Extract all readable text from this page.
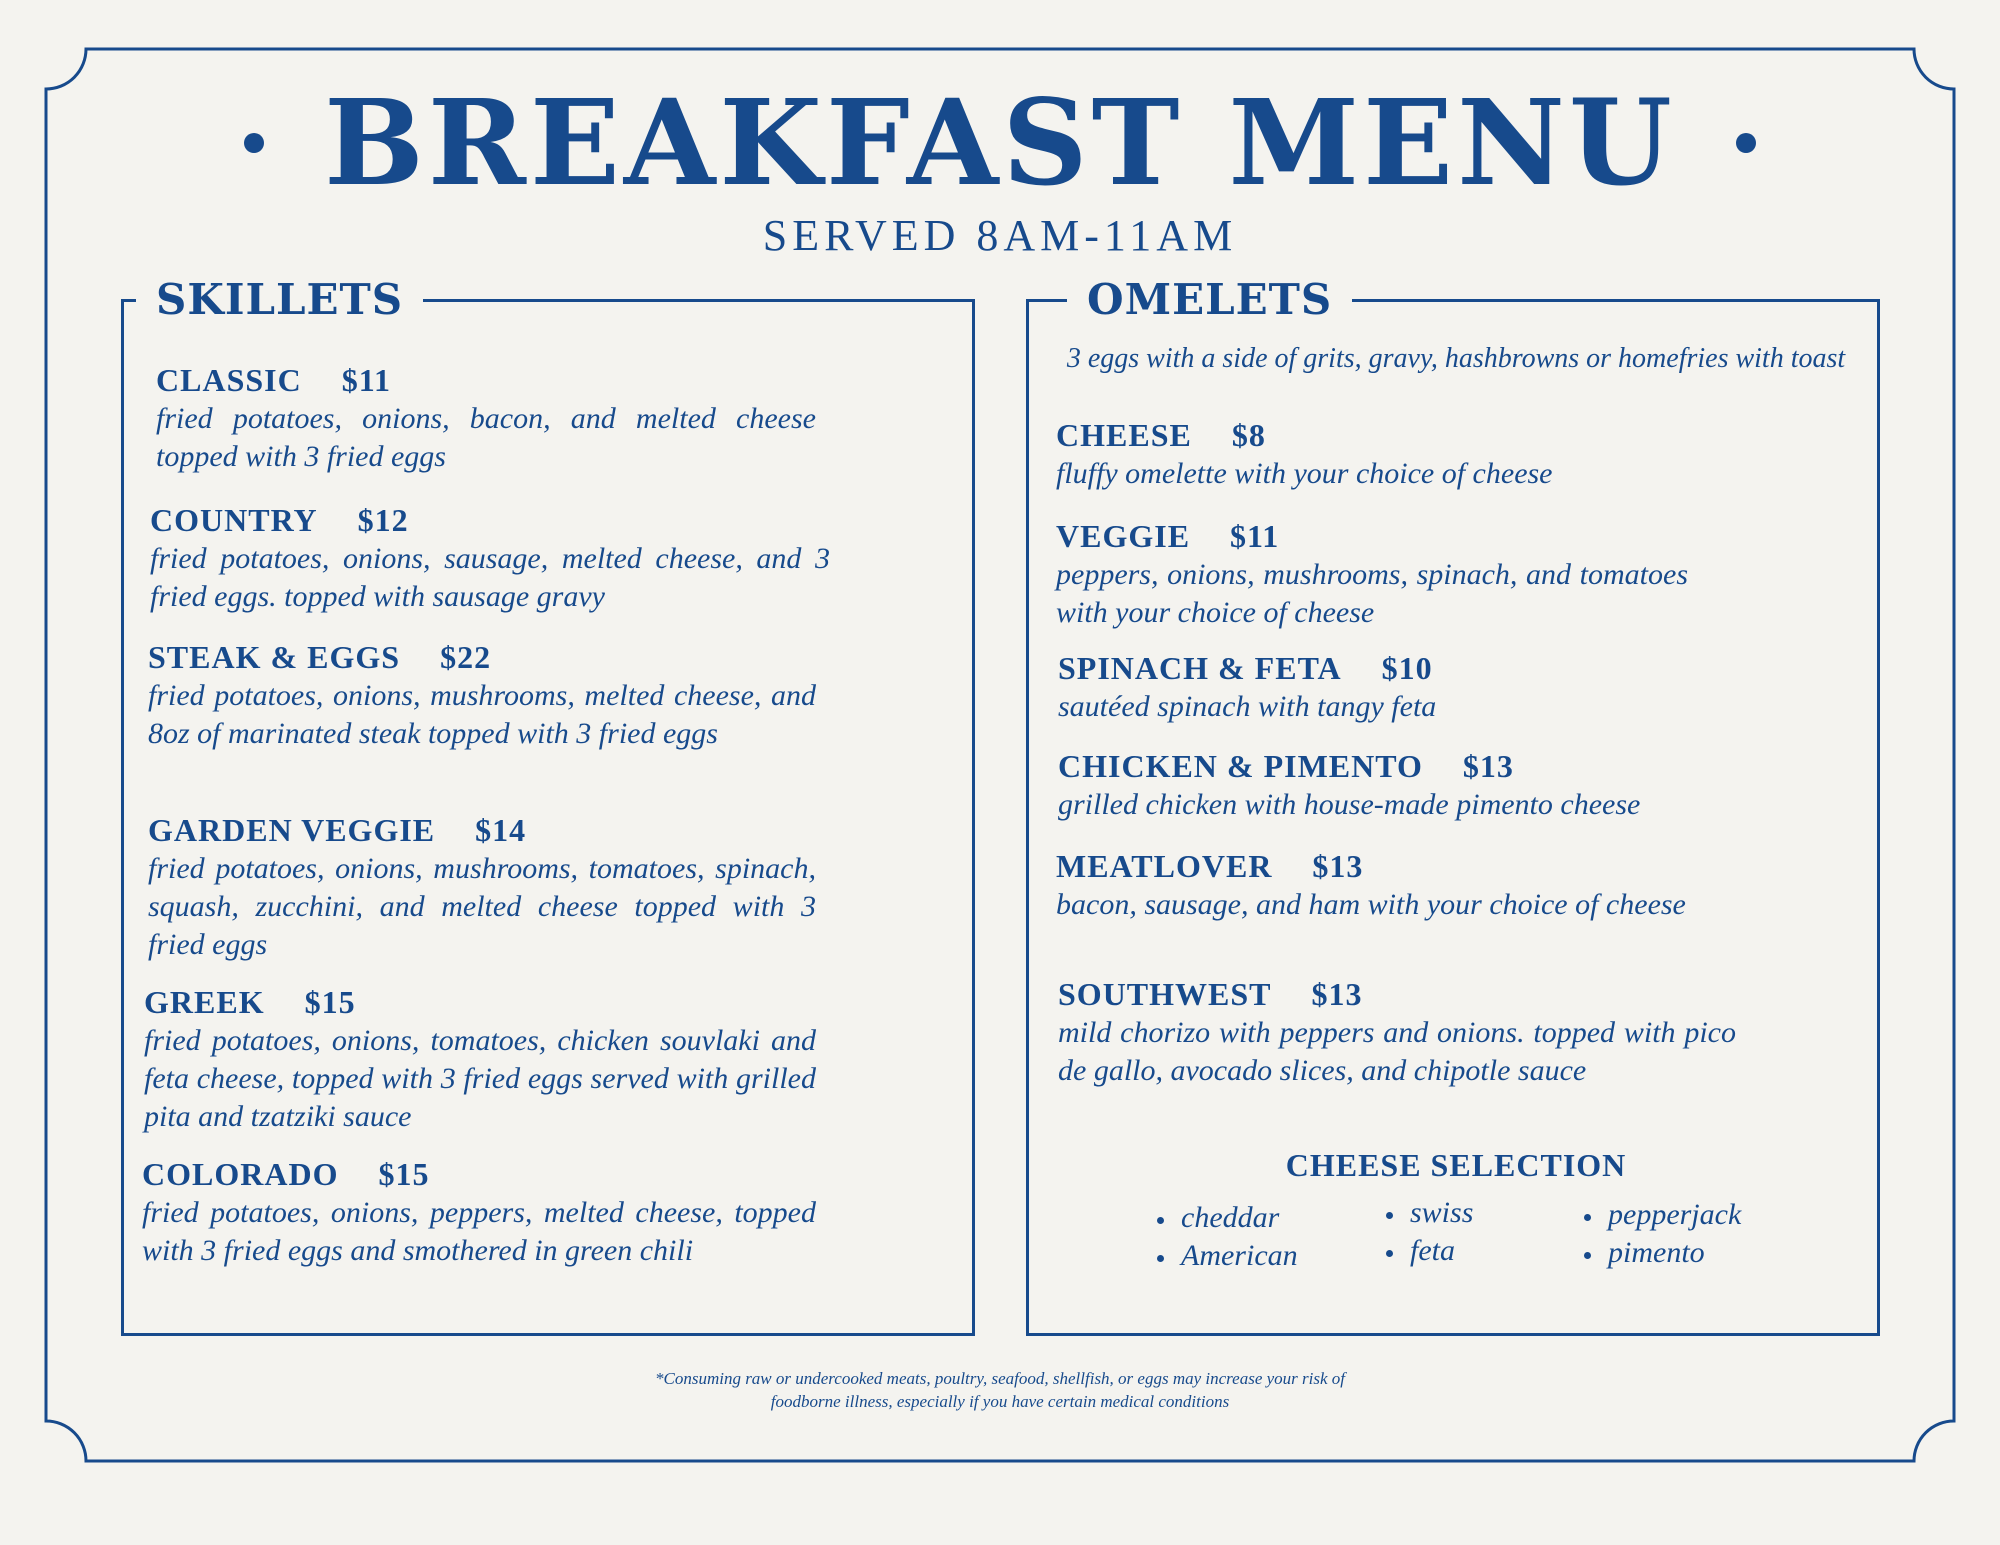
BREAKFAST MENU
SERVED 8AM-11AM
SKILLETS
CLASSIC $11
fried potatoes, onions, bacon, and melted cheese topped with 3 fried eggs
COUNTRY $12
fried potatoes, onions, sausage, melted cheese, and 3 fried eggs. topped with sausage gravy
STEAK & EGGS $22
fried potatoes, onions, mushrooms, melted cheese, and 8oz of marinated steak topped with 3 fried eggs
GARDEN VEGGIE $14
fried potatoes, onions, mushrooms, tomatoes, spinach, squash, zucchini, and melted cheese topped with 3 fried eggs
GREEK $15
fried potatoes, onions, tomatoes, chicken souvlaki and feta cheese, topped with 3 fried eggs served with grilled pita and tzatziki sauce
COLORADO $15
fried potatoes, onions, peppers, melted cheese, topped with 3 fried eggs and smothered in green chili
OMELETS
3 eggs with a side of grits, gravy, hashbrowns or homefries with toast
CHEESE $8
fluffy omelette with your choice of cheese
VEGGIE $11
peppers, onions, mushrooms, spinach, and tomatoes with your choice of cheese
SPINACH & FETA $10
sautéed spinach with tangy feta
CHICKEN & PIMENTO $13
grilled chicken with house-made pimento cheese
MEATLOVER $13
bacon, sausage, and ham with your choice of cheese
SOUTHWEST $13
mild chorizo with peppers and onions. topped with pico de gallo, avocado slices, and chipotle sauce
CHEESE SELECTION
cheddar
American
swiss
feta
pepperjack
pimento
*Consuming raw or undercooked meats, poultry, seafood, shellfish, or eggs may increase your risk of foodborne illness, especially if you have certain medical conditions
